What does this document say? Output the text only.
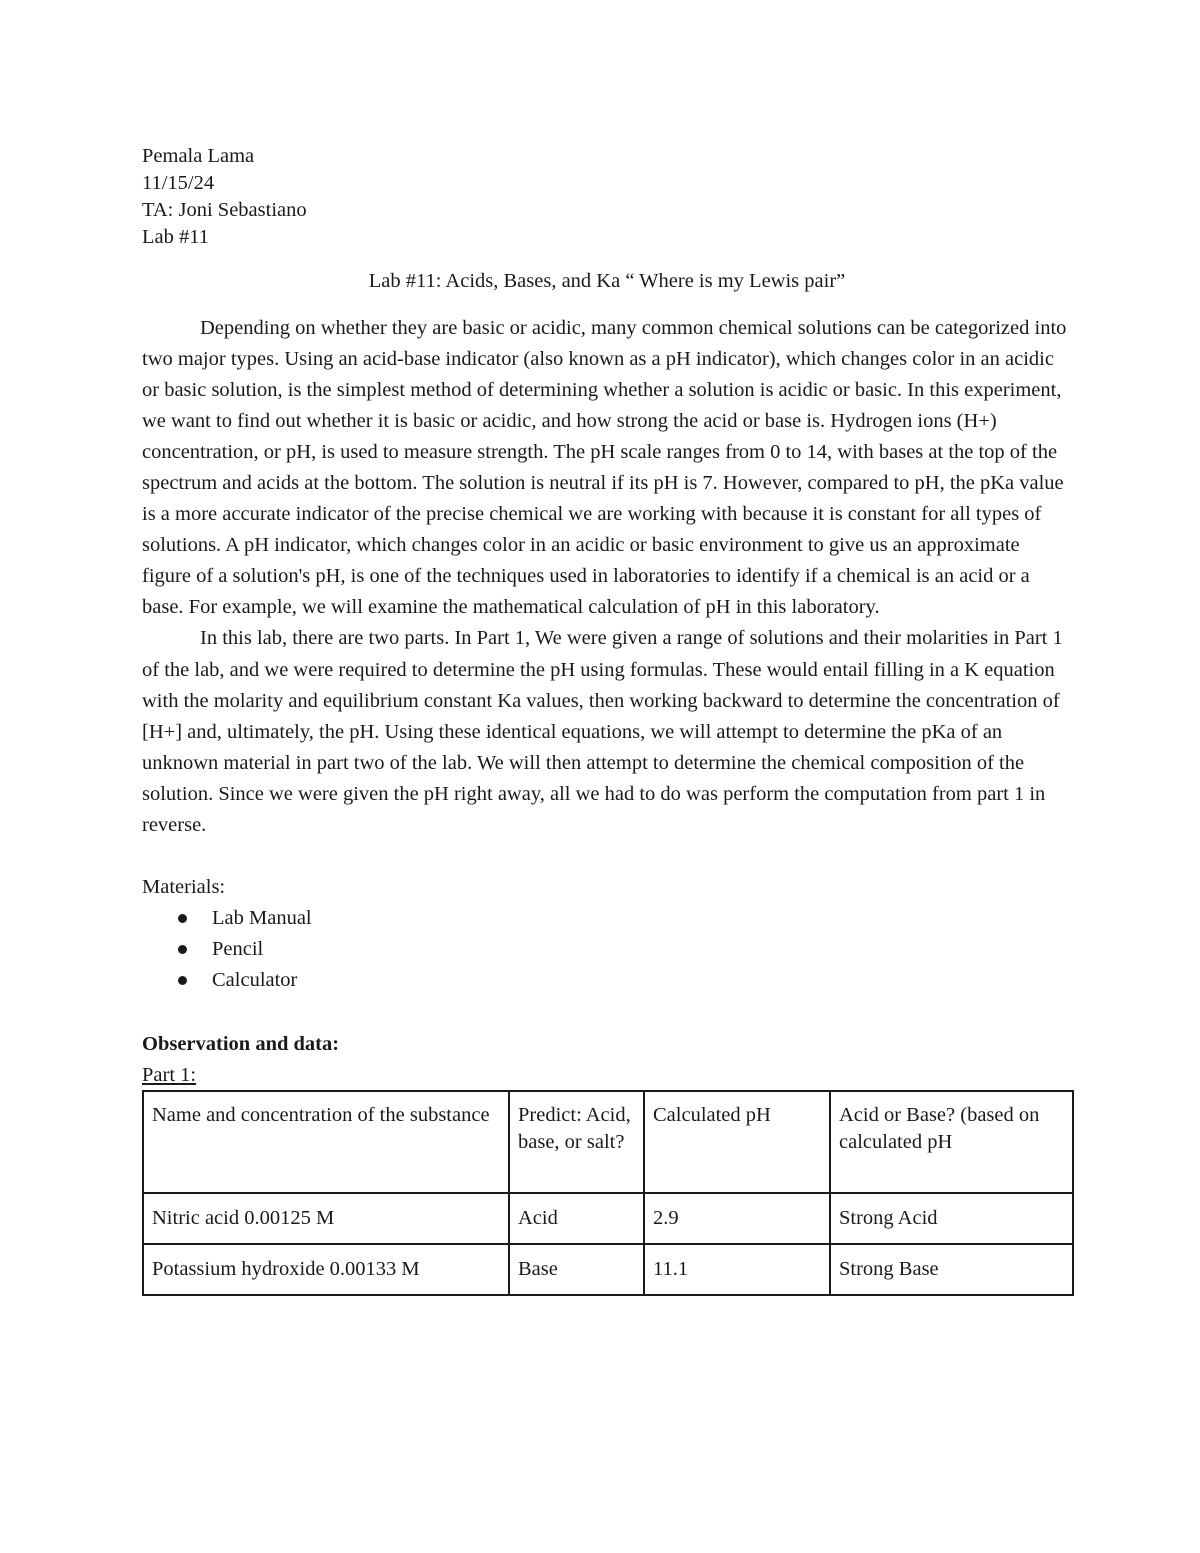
Pemala Lama

11/15/24

TA: Joni Sebastiano

Lab #11

Lab #11: Acids, Bases, and Ka “ Where is my Lewis pair”

Depending on whether they are basic or acidic, many common chemical solutions can be categorized into two major types. Using an acid-base indicator (also known as a pH indicator), which changes color in an acidic or basic solution, is the simplest method of determining whether a solution is acidic or basic. In this experiment, we want to find out whether it is basic or acidic, and how strong the acid or base is. Hydrogen ions (H+) concentration, or pH, is used to measure strength. The pH scale ranges from 0 to 14, with bases at the top of the spectrum and acids at the bottom. The solution is neutral if its pH is 7. However, compared to pH, the pKa value is a more accurate indicator of the precise chemical we are working with because it is constant for all types of solutions. A pH indicator, which changes color in an acidic or basic environment to give us an approximate figure of a solution's pH, is one of the techniques used in laboratories to identify if a chemical is an acid or a base. For example, we will examine the mathematical calculation of pH in this laboratory.
In this lab, there are two parts. In Part 1, We were given a range of solutions and their molarities in Part 1 of the lab, and we were required to determine the pH using formulas. These would entail filling in a K equation with the molarity and equilibrium constant Ka values, then working backward to determine the concentration of [H+] and, ultimately, the pH. Using these identical equations, we will attempt to determine the pKa of an unknown material in part two of the lab. We will then attempt to determine the chemical composition of the solution. Since we were given the pH right away, all we had to do was perform the computation from part 1 in reverse.

Materials:

Lab Manual
Pencil
Calculator

Observation and data:

Part 1:

Name and concentration of the substance	Predict: Acid, base, or salt?	Calculated pH	Acid or Base? (based on calculated pH
Nitric acid 0.00125 M	Acid	2.9	Strong Acid
Potassium hydroxide 0.00133 M	Base	11.1	Strong Base
